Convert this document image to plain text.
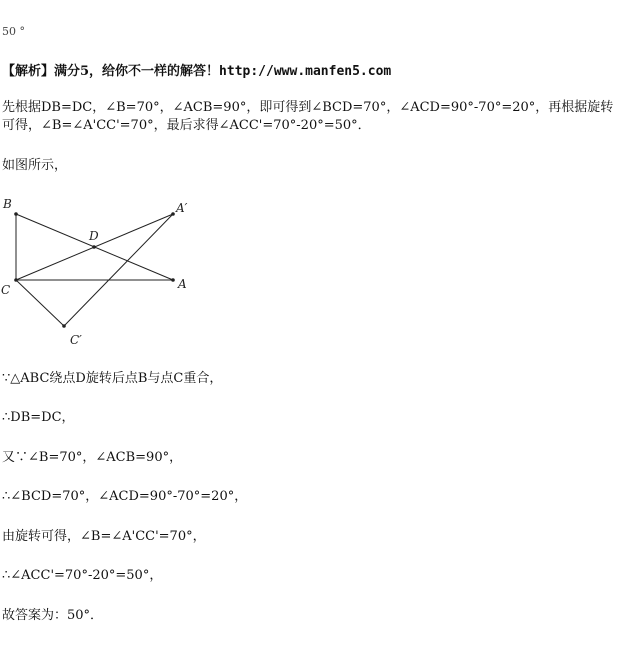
50 °
【解析】满分5，给你不一样的解答！http://www.manfen5.com
先根据DB=DC，∠B=70°，∠ACB=90°，即可得到∠BCD=70°，∠ACD=90°-70°=20°，再根据旋转
可得，∠B=∠A'CC'=70°，最后求得∠ACC'=70°-20°=50°．
如图所示，
B
C
D
A
A′
C′
∵△ABC绕点D旋转后点B与点C重合，
∴DB=DC，
又∵∠B=70°，∠ACB=90°，
∴∠BCD=70°，∠ACD=90°-70°=20°，
由旋转可得，∠B=∠A'CC'=70°，
∴∠ACC'=70°-20°=50°，
故答案为：50°．
